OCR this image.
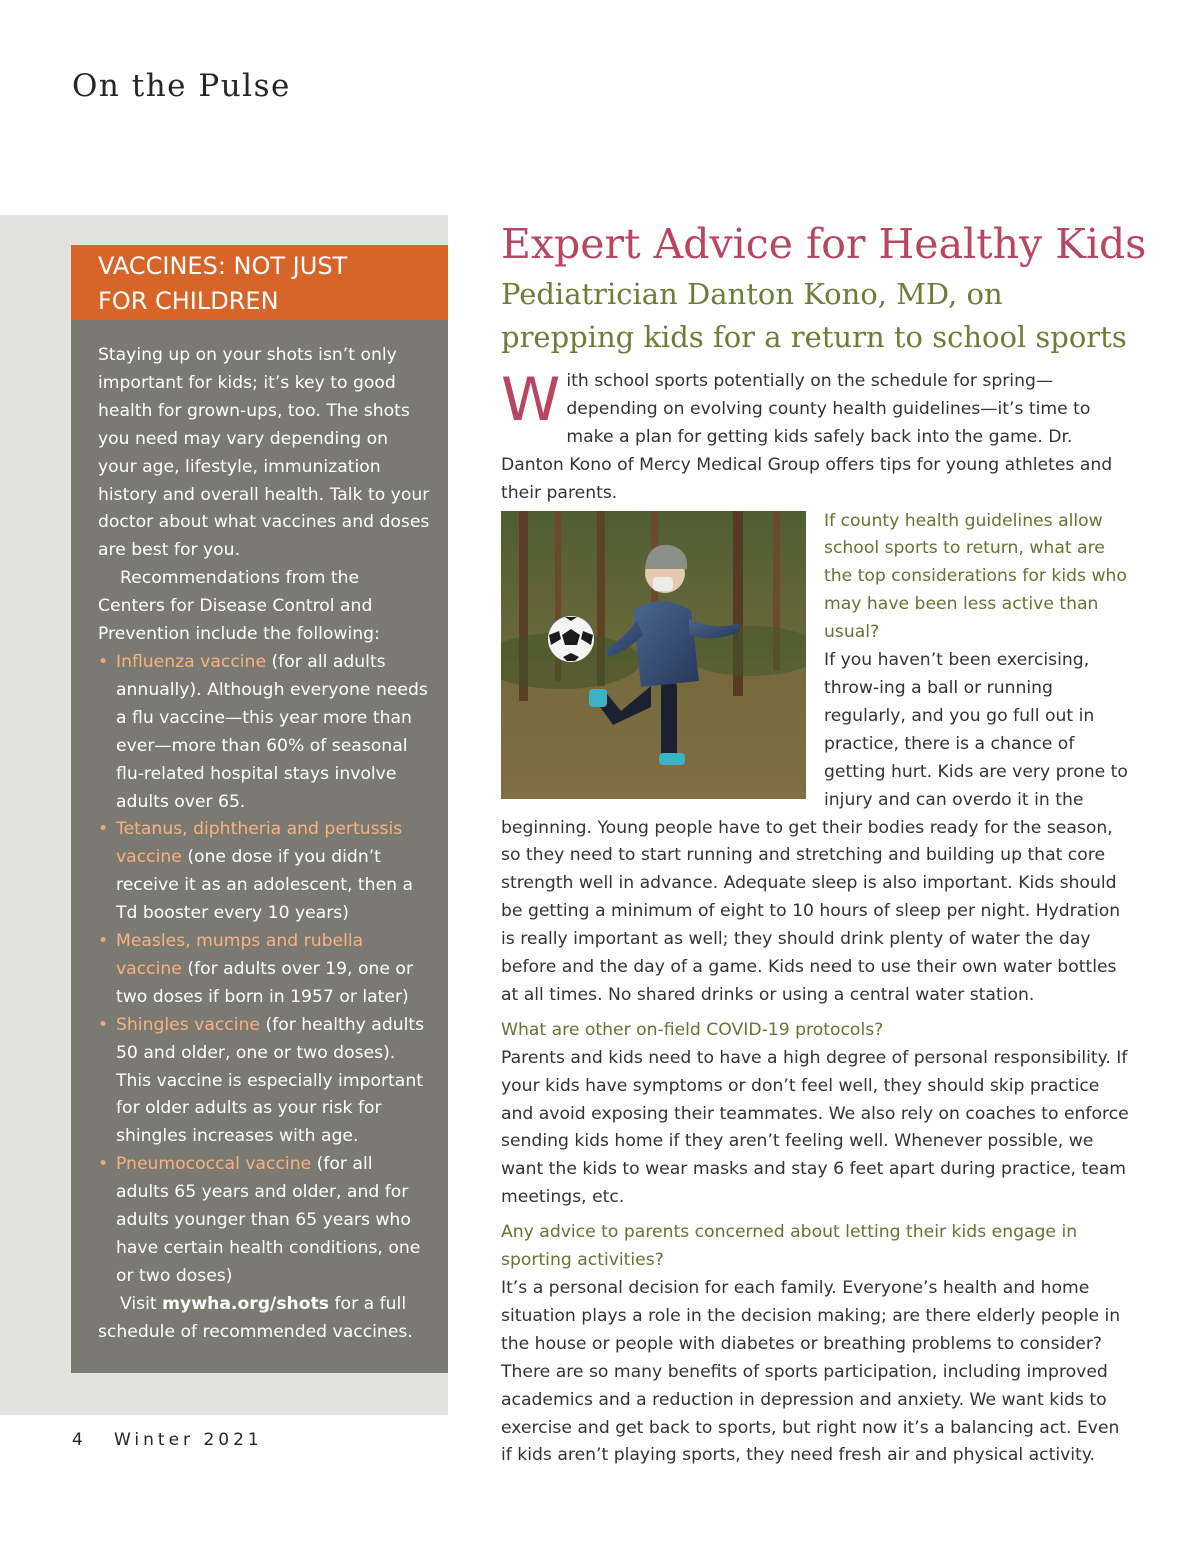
On the Pulse
VACCINES: NOT JUST
FOR CHILDREN

Staying up on your shots isn’t only important for kids; it’s key to good health for grown-ups, too. The shots you need may vary depending on your age, lifestyle, immunization history and overall health. Talk to your doctor about what vaccines and doses are best for you.

Recommendations from the Centers for Disease Control and Prevention include the following:

• Influenza vaccine (for all adults annually). Although everyone needs a flu vaccine—this year more than ever—more than 60% of seasonal flu-related hospital stays involve adults over 65.
• Tetanus, diphtheria and pertussis vaccine (one dose if you didn’t receive it as an adolescent, then a Td booster every 10 years)
• Measles, mumps and rubella vaccine (for adults over 19, one or two doses if born in 1957 or later)
• Shingles vaccine (for healthy adults 50 and older, one or two doses). This vaccine is especially important for older adults as your risk for shingles increases with age.
• Pneumococcal vaccine (for all adults 65 years and older, and for adults younger than 65 years who have certain health conditions, one or two doses)

Visit mywha.org/shots for a full schedule of recommended vaccines.

Expert Advice for Healthy Kids
Pediatrician Danton Kono, MD, on prepping kids for a return to school sports

With school sports potentially on the schedule for spring—depending on evolving county health guidelines—it’s time to make a plan for getting kids safely back into the game. Dr. Danton Kono of Mercy Medical Group offers tips for young athletes and their parents.

If county health guidelines allow school sports to return, what are the top considerations for kids who may have been less active than usual?

If you haven’t been exercising, throw-ing a ball or running regularly, and you go full out in practice, there is a chance of getting hurt. Kids are very prone to injury and can overdo it in the beginning. Young people have to get their bodies ready for the season, so they need to start running and stretching and building up that core strength well in advance. Adequate sleep is also important. Kids should be getting a minimum of eight to 10 hours of sleep per night. Hydration is really important as well; they should drink plenty of water the day before and the day of a game. Kids need to use their own water bottles at all times. No shared drinks or using a central water station.

What are other on-field COVID-19 protocols?

Parents and kids need to have a high degree of personal responsibility. If your kids have symptoms or don’t feel well, they should skip practice and avoid exposing their teammates. We also rely on coaches to enforce sending kids home if they aren’t feeling well. Whenever possible, we want the kids to wear masks and stay 6 feet apart during practice, team meetings, etc.

Any advice to parents concerned about letting their kids engage in sporting activities?

It’s a personal decision for each family. Everyone’s health and home situation plays a role in the decision making; are there elderly people in the house or people with diabetes or breathing problems to consider? There are so many benefits of sports participation, including improved academics and a reduction in depression and anxiety. We want kids to exercise and get back to sports, but right now it’s a balancing act. Even if kids aren’t playing sports, they need fresh air and physical activity.

4 Winter 2021
